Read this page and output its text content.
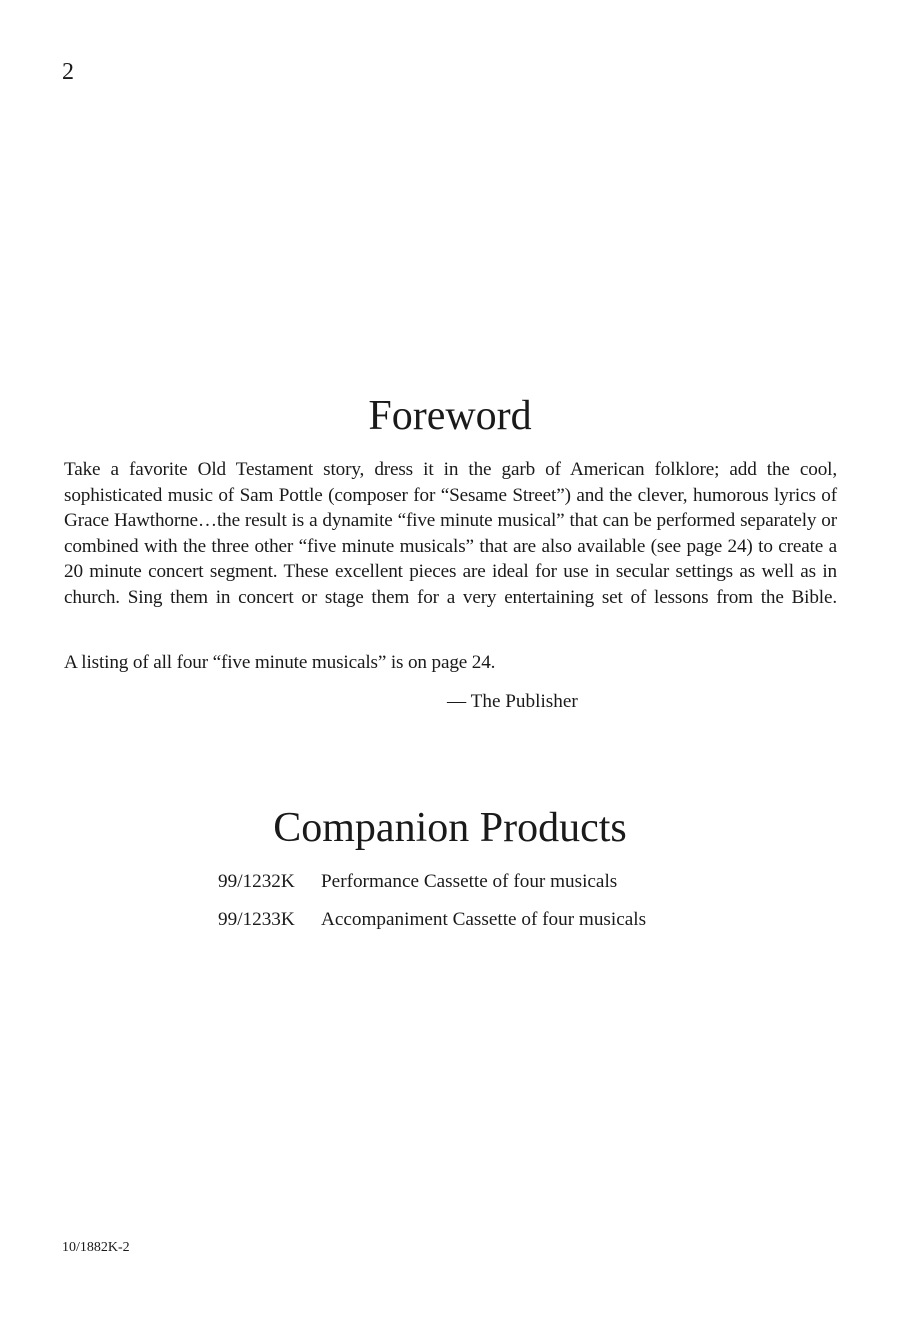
2
Foreword

Take a favorite Old Testament story, dress it in the garb of American folklore; add the cool, sophisticated music of Sam Pottle (composer for “Sesame Street”) and the clever, humorous lyrics of Grace Hawthorne…the result is a dynamite “five minute musical” that can be performed separately or combined with the three other “five minute musicals” that are also available (see page 24) to create a 20 minute concert segment. These excellent pieces are ideal for use in secular settings as well as in church. Sing them in concert or stage them for a very entertaining set of lessons from the Bible.

A listing of all four “five minute musicals” is on page 24.

— The Publisher

Companion Products
99/1232K	Performance Cassette of four musicals
99/1233K	Accompaniment Cassette of four musicals
10/1882K-2
